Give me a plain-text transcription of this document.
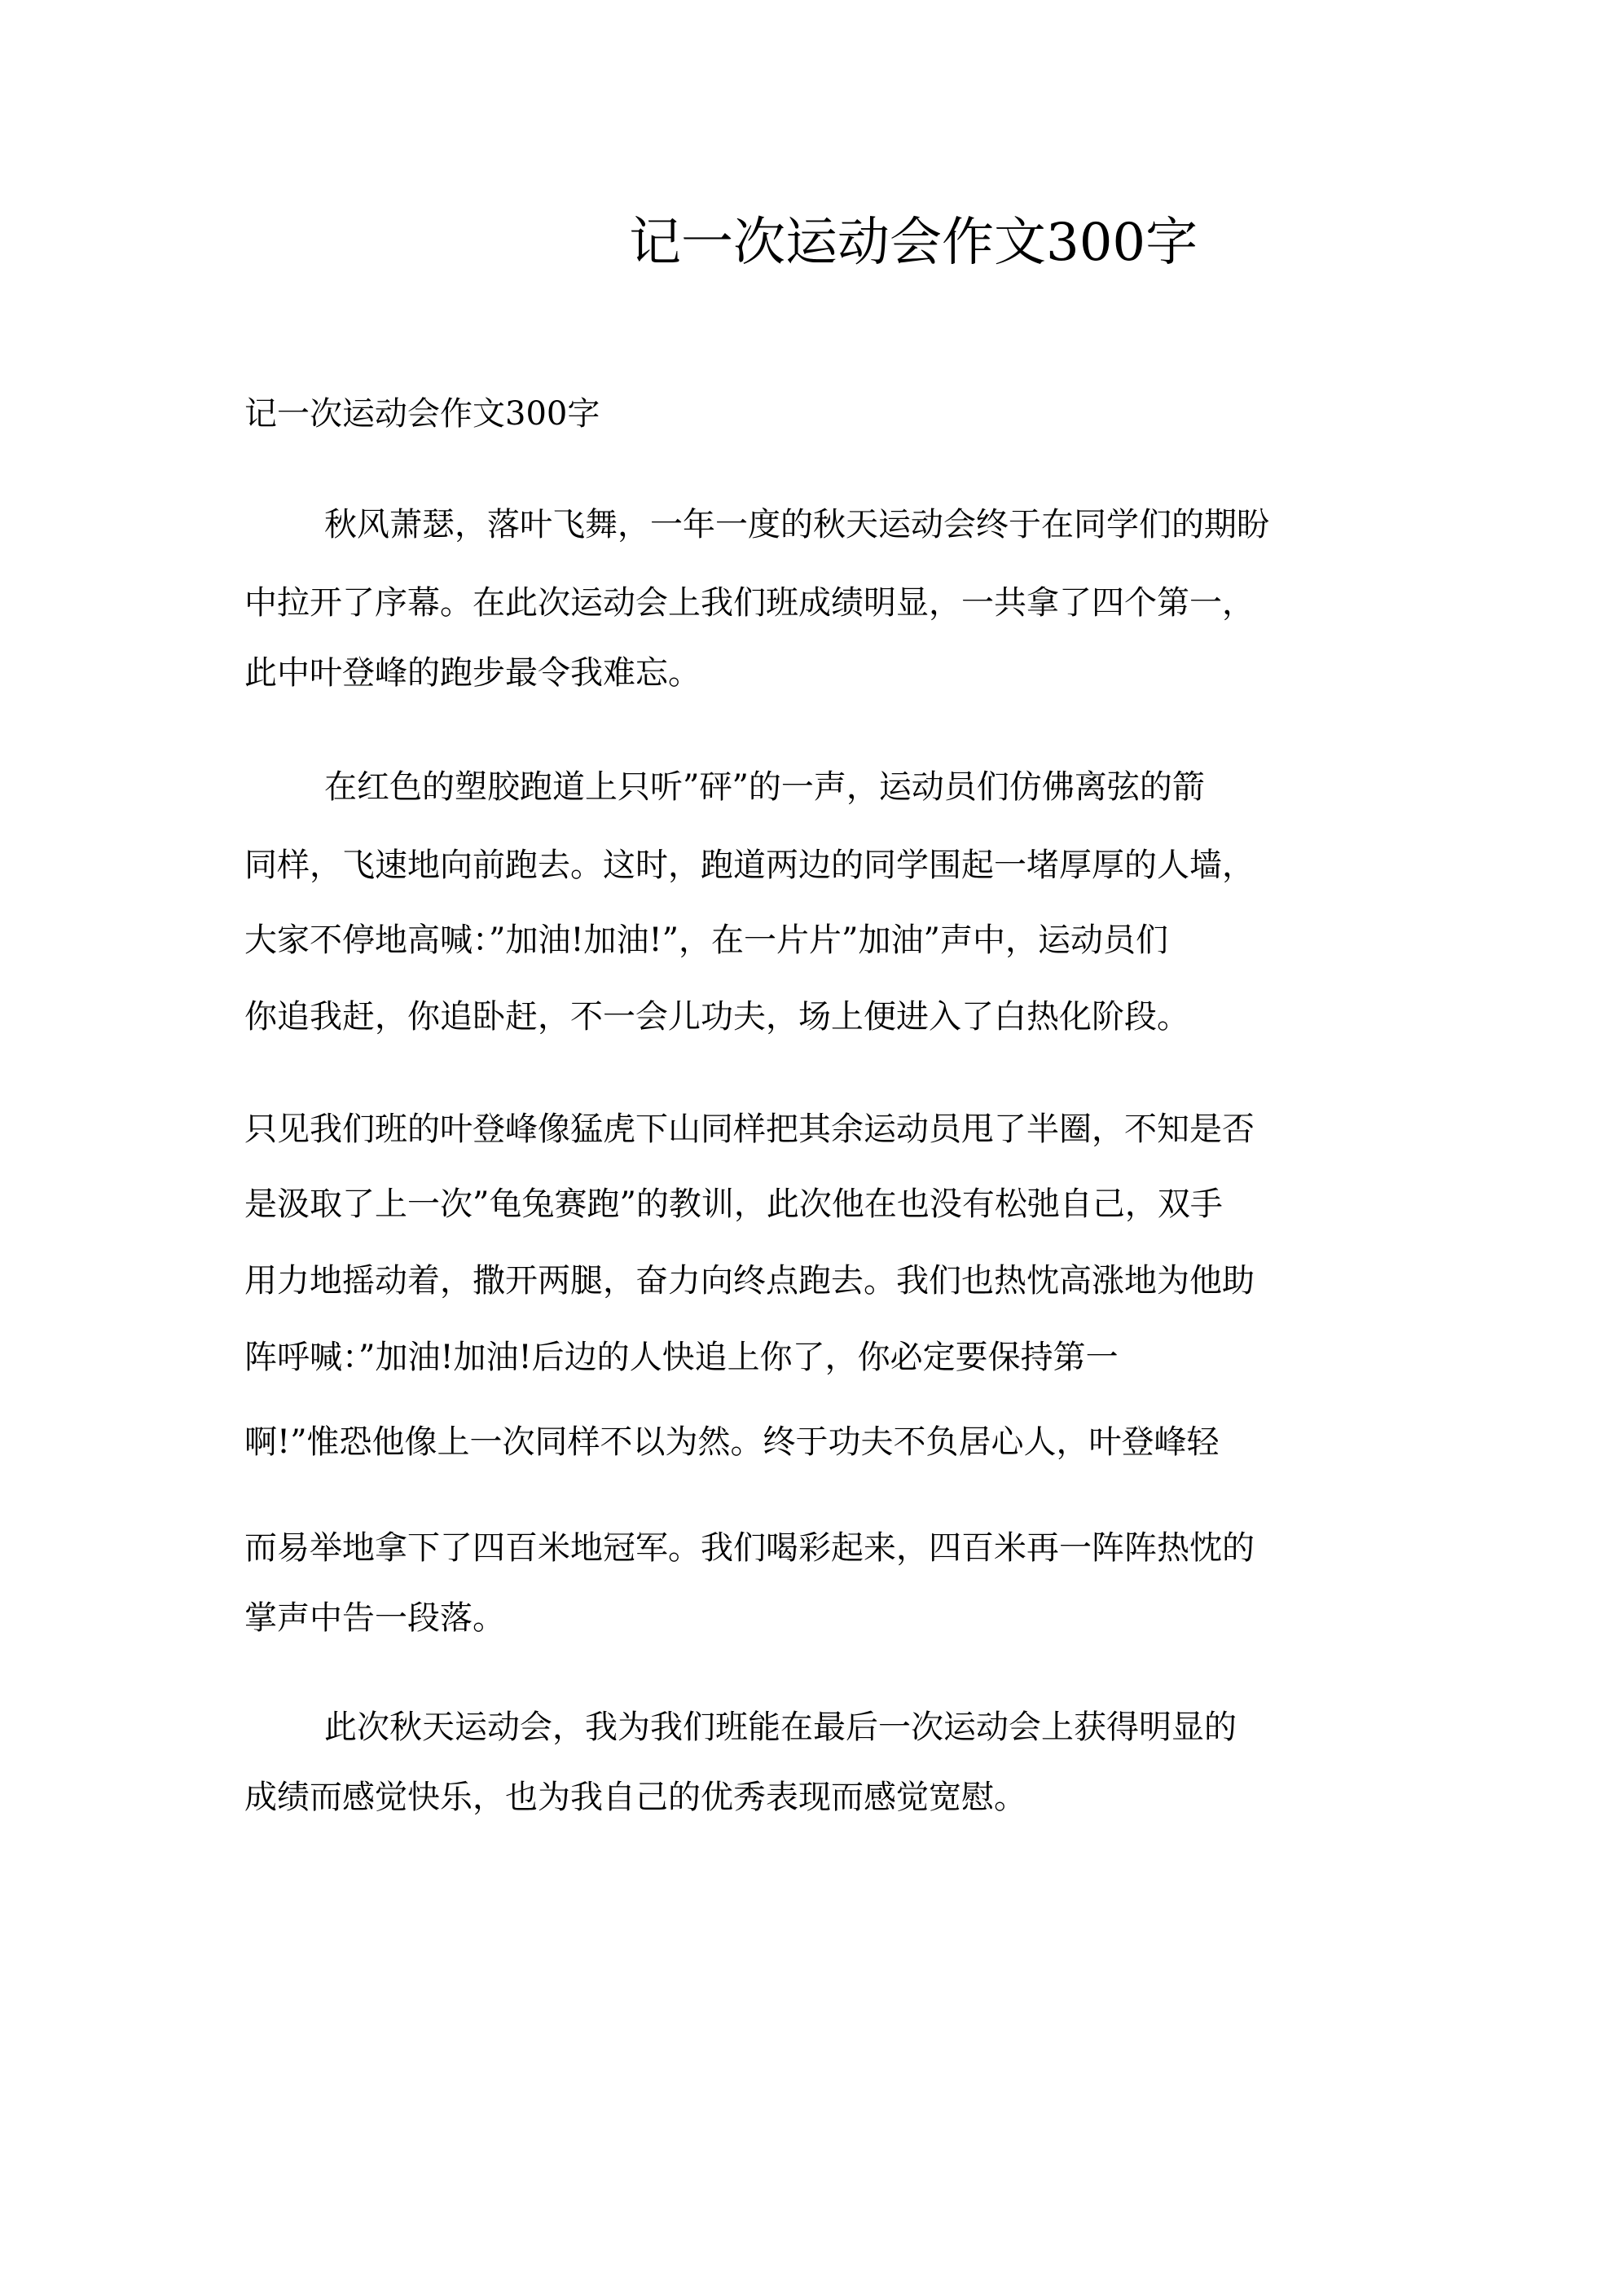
记一次运动会作文300字

记一次运动会作文300字

秋风萧瑟，落叶飞舞，一年一度的秋天运动会终于在同学们的期盼

中拉开了序幕。在此次运动会上我们班成绩明显，一共拿了四个第一，

此中叶登峰的跑步最令我难忘。

在红色的塑胶跑道上只听”砰”的一声，运动员们仿佛离弦的箭

同样，飞速地向前跑去。这时，跑道两边的同学围起一堵厚厚的人墙，

大家不停地高喊：”加油!加油!”，在一片片”加油”声中，运动员们

你追我赶，你追卧赶，不一会儿功夫，场上便进入了白热化阶段。

只见我们班的叶登峰像猛虎下山同样把其余运动员甩了半圈，不知是否

是汲取了上一次”龟兔赛跑”的教训，此次他在也没有松弛自己，双手

用力地摇动着，撒开两腿，奋力向终点跑去。我们也热忱高涨地为他助

阵呼喊：”加油!加油!后边的人快追上你了，你必定要保持第一

啊!”惟恐他像上一次同样不以为然。终于功夫不负居心人，叶登峰轻

而易举地拿下了四百米地冠军。我们喝彩起来，四百米再一阵阵热忱的

掌声中告一段落。

此次秋天运动会，我为我们班能在最后一次运动会上获得明显的

成绩而感觉快乐，也为我自己的优秀表现而感觉宽慰。
